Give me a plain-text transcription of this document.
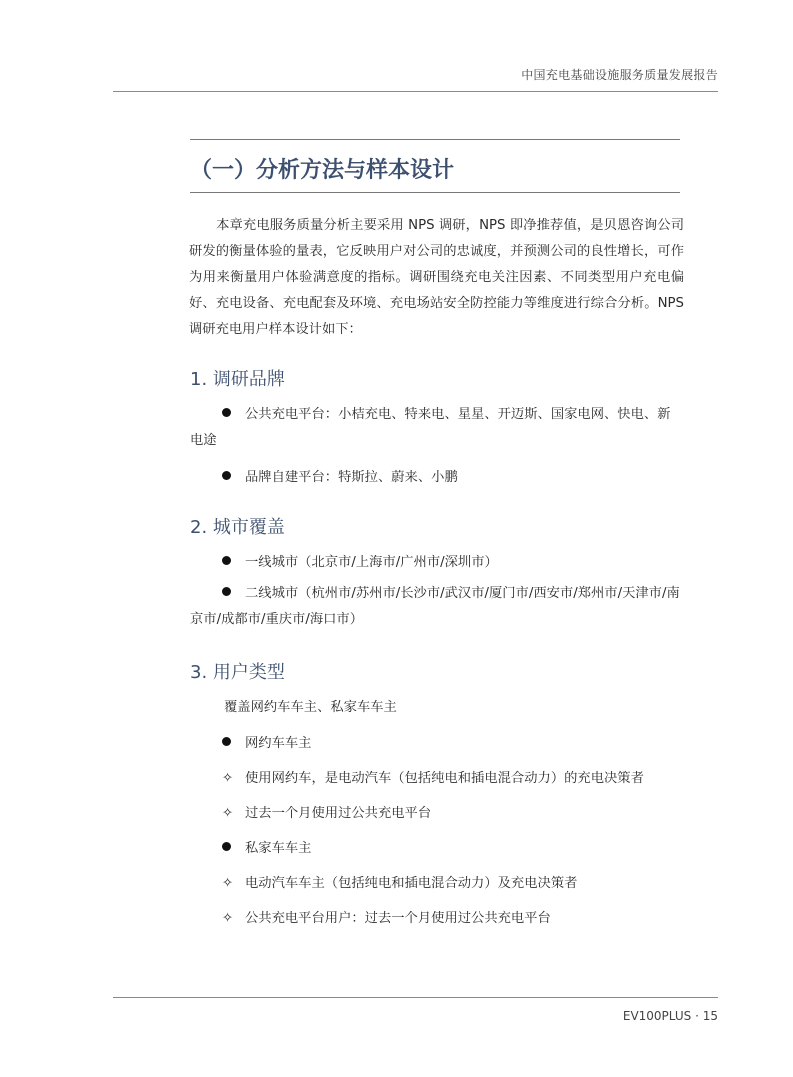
中国充电基础设施服务质量发展报告
（一）分析方法与样本设计

本章充电服务质量分析主要采用 NPS 调研，NPS 即净推荐值，是贝恩咨询公司研发的衡量体验的量表，它反映用户对公司的忠诚度，并预测公司的良性增长，可作为用来衡量用户体验满意度的指标。调研围绕充电关注因素、不同类型用户充电偏好、充电设备、充电配套及环境、充电场站安全防控能力等维度进行综合分析。NPS 调研充电用户样本设计如下：

1. 调研品牌

公共充电平台：小桔充电、特来电、星星、开迈斯、国家电网、快电、新电途

品牌自建平台：特斯拉、蔚来、小鹏
2. 城市覆盖
一线城市（北京市/上海市/广州市/深圳市）

二线城市（杭州市/苏州市/长沙市/武汉市/厦门市/西安市/郑州市/天津市/南京市/成都市/重庆市/海口市）

3. 用户类型
覆盖网约车车主、私家车车主
网约车车主
✧ 使用网约车，是电动汽车（包括纯电和插电混合动力）的充电决策者
✧ 过去一个月使用过公共充电平台
私家车车主
✧ 电动汽车车主（包括纯电和插电混合动力）及充电决策者
✧ 公共充电平台用户：过去一个月使用过公共充电平台
EV100PLUS · 15
